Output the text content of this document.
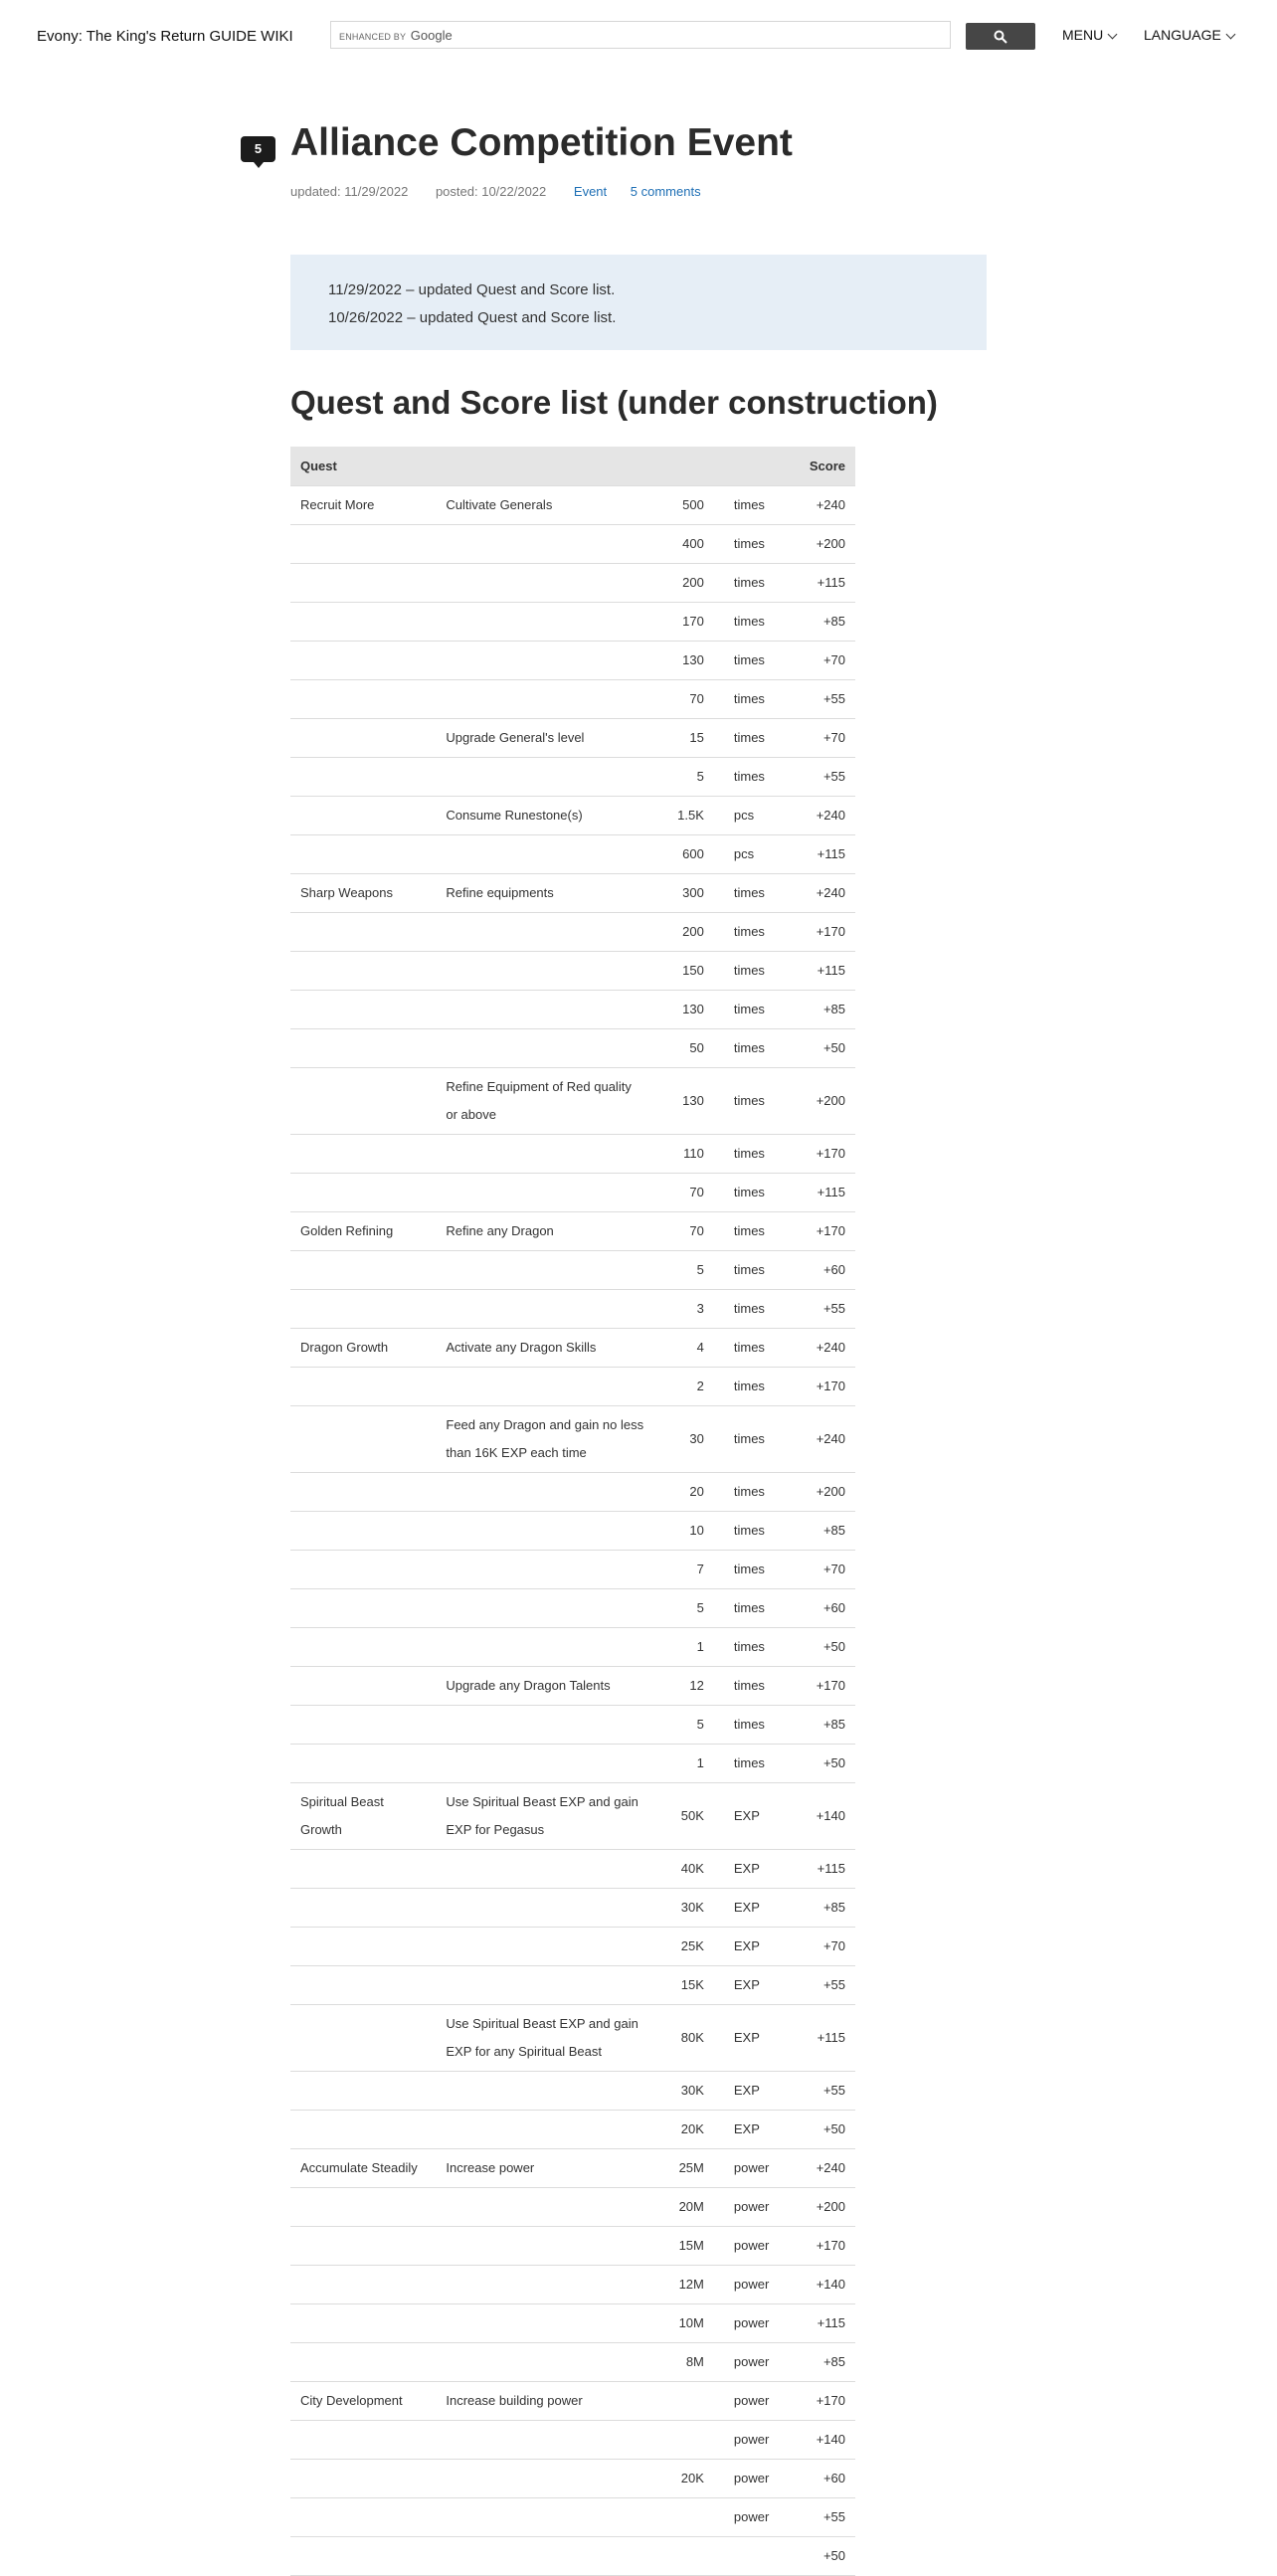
Evony: The King's Return GUIDE WIKI	ENHANCED BY Google	MENU	LANGUAGE
5 Alliance Competition Event
updated: 11/29/2022 posted: 10/22/2022 Event 5 comments

11/29/2022 – updated Quest and Score list.

10/26/2022 – updated Quest and Score list.

Quest and Score list (under construction)
Quest				Score
Recruit More	Cultivate Generals	500	times	+240
		400	times	+200
		200	times	+115
		170	times	+85
		130	times	+70
		70	times	+55
	Upgrade General's level	15	times	+70
		5	times	+55
	Consume Runestone(s)	1.5K	pcs	+240
		600	pcs	+115
Sharp Weapons	Refine equipments	300	times	+240
		200	times	+170
		150	times	+115
		130	times	+85
		50	times	+50
	Refine Equipment of Red quality or above	130	times	+200
		110	times	+170
		70	times	+115
Golden Refining	Refine any Dragon	70	times	+170
		5	times	+60
		3	times	+55
Dragon Growth	Activate any Dragon Skills	4	times	+240
		2	times	+170
	Feed any Dragon and gain no less than 16K EXP each time	30	times	+240
		20	times	+200
		10	times	+85
		7	times	+70
		5	times	+60
		1	times	+50
	Upgrade any Dragon Talents	12	times	+170
		5	times	+85
		1	times	+50
Spiritual Beast Growth	Use Spiritual Beast EXP and gain EXP for Pegasus	50K	EXP	+140
		40K	EXP	+115
		30K	EXP	+85
		25K	EXP	+70
		15K	EXP	+55
	Use Spiritual Beast EXP and gain EXP for any Spiritual Beast	80K	EXP	+115
		30K	EXP	+55
		20K	EXP	+50
Accumulate Steadily	Increase power	25M	power	+240
		20M	power	+200
		15M	power	+170
		12M	power	+140
		10M	power	+115
		8M	power	+85
City Development	Increase building power		power	+170
			power	+140
		20K	power	+60
			power	+55
				+50
